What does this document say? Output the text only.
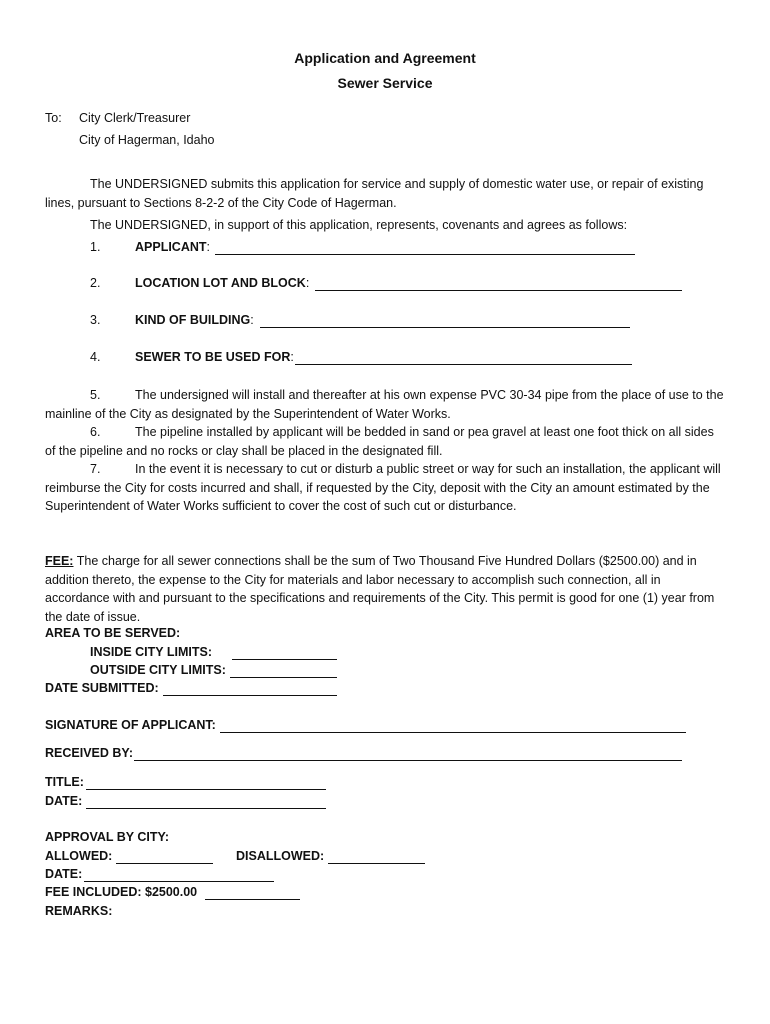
Application and Agreement
Sewer Service
To: City Clerk/Treasurer
City of Hagerman, Idaho
The UNDERSIGNED submits this application for service and supply of domestic water use, or repair of existing lines, pursuant to Sections 8-2-2 of the City Code of Hagerman.
The UNDERSIGNED, in support of this application, represents, covenants and agrees as follows:
1.	APPLICANT:
2.	LOCATION LOT AND BLOCK:
3.	KIND OF BUILDING:
4.	SEWER TO BE USED FOR:
5.	The undersigned will install and thereafter at his own expense PVC 30-34 pipe from the place of use to the mainline of the City as designated by the Superintendent of Water Works.
6.	The pipeline installed by applicant will be bedded in sand or pea gravel at least one foot thick on all sides of the pipeline and no rocks or clay shall be placed in the designated fill.
7.	In the event it is necessary to cut or disturb a public street or way for such an installation, the applicant will reimburse the City for costs incurred and shall, if requested by the City, deposit with the City an amount estimated by the Superintendent of Water Works sufficient to cover the cost of such cut or disturbance.
FEE: The charge for all sewer connections shall be the sum of Two Thousand Five Hundred Dollars ($2500.00) and in addition thereto, the expense to the City for materials and labor necessary to accomplish such connection, all in accordance with and pursuant to the specifications and requirements of the City. This permit is good for one (1) year from the date of issue.
AREA TO BE SERVED:
INSIDE CITY LIMITS:
OUTSIDE CITY LIMITS:
DATE SUBMITTED:
SIGNATURE OF APPLICANT:
RECEIVED BY:
TITLE:
DATE:
APPROVAL BY CITY:
ALLOWED:	DISALLOWED:
DATE:
FEE INCLUDED: $2500.00
REMARKS:
